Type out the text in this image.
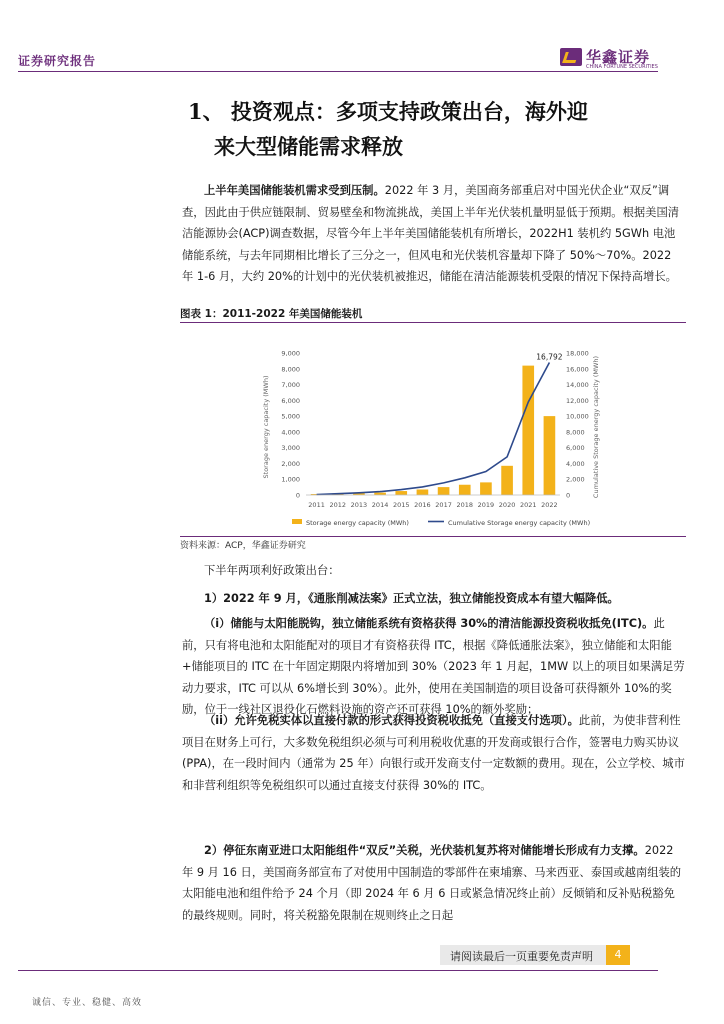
证券研究报告	华鑫证券
CHINA FORTUNE SECURITIES
1、 投资观点：多项支持政策出台，海外迎
来大型储能需求释放
上半年美国储能装机需求受到压制。2022 年 3 月，美国商务部重启对中国光伏企业“双反”调查，因此由于供应链限制、贸易壁垒和物流挑战，美国上半年光伏装机量明显低于预期。根据美国清洁能源协会(ACP)调查数据，尽管今年上半年美国储能装机有所增长，2022H1 装机约 5GWh 电池储能系统，与去年同期相比增长了三分之一，但风电和光伏装机容量却下降了 50%～70%。2022 年 1-6 月，大约 20%的计划中的光伏装机被推迟，储能在清洁能源装机受限的情况下保持高增长。
图表 1：2011-2022 年美国储能装机
0
1,000
2,000
3,000
4,000
5,000
6,000
7,000
8,000
9,000
0
2,000
4,000
6,000
8,000
10,000
12,000
14,000
16,000
18,000
2011 2012 2013 2014 2015 2016 2017 2018 2019 2020 2021 2022
Storage energy capacity (MWh)	Cumulative Storage energy capacity (MWh)
16,792
Storage energy capacity (MWh)	Cumulative Storage energy capacity (MWh)
资料来源：ACP，华鑫证券研究
下半年两项利好政策出台：
1）2022 年 9 月，《通胀削减法案》正式立法，独立储能投资成本有望大幅降低。
（i）储能与太阳能脱钩，独立储能系统有资格获得 30%的清洁能源投资税收抵免(ITC)。此前，只有将电池和太阳能配对的项目才有资格获得 ITC，根据《降低通胀法案》，独立储能和太阳能+储能项目的 ITC 在十年固定期限内将增加到 30%（2023 年 1 月起，1MW 以上的项目如果满足劳动力要求，ITC 可以从 6%增长到 30%）。此外，使用在美国制造的项目设备可获得额外 10%的奖励，位于一线社区退役化石燃料设施的资产还可获得 10%的额外奖励；
（ii）允许免税实体以直接付款的形式获得投资税收抵免（直接支付选项）。此前，为使非营利性项目在财务上可行，大多数免税组织必须与可利用税收优惠的开发商或银行合作，签署电力购买协议(PPA)，在一段时间内（通常为 25 年）向银行或开发商支付一定数额的费用。现在，公立学校、城市和非营利组织等免税组织可以通过直接支付获得 30%的 ITC。
2）停征东南亚进口太阳能组件“双反”关税，光伏装机复苏将对储能增长形成有力支撑。2022 年 9 月 16 日，美国商务部宣布了对使用中国制造的零部件在柬埔寨、马来西亚、泰国或越南组装的太阳能电池和组件给予 24 个月（即 2024 年 6 月 6 日或紧急情况终止前）反倾销和反补贴税豁免的最终规则。同时，将关税豁免限制在规则终止之日起
请阅读最后一页重要免责声明	4
诚信、专业、稳健、高效
